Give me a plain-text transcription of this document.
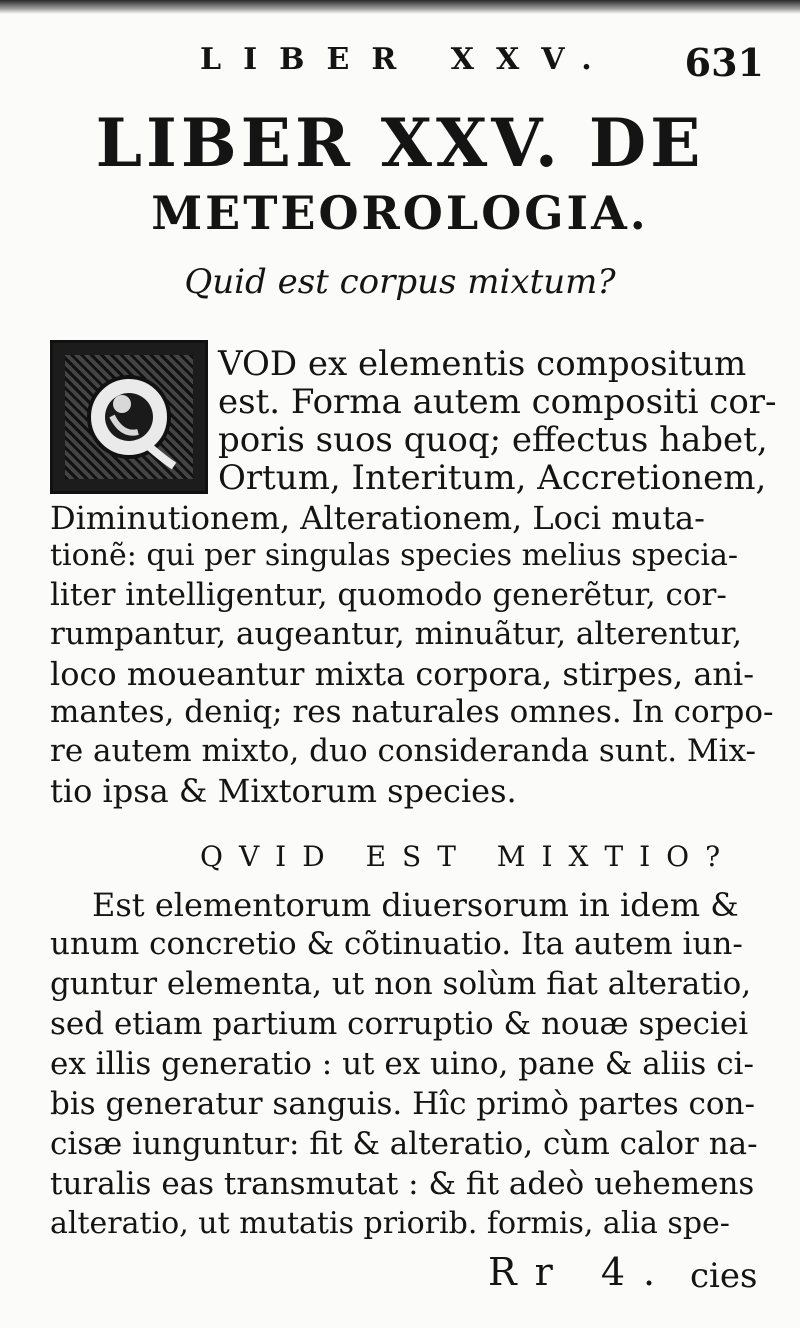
LIBER XXV. 631
LIBER XXV. DE
METEOROLOGIA.
Quid est corpus mixtum?
VOD ex elementis compositum
est. Forma autem compositi cor-
poris suos quoq; effectus habet,
Ortum, Interitum, Accretionem,
Diminutionem, Alterationem, Loci muta-
tionẽ: qui per singulas species melius specia-
liter intelligentur, quomodo generẽtur, cor-
rumpantur, augeantur, minuãtur, alterentur,
loco moueantur mixta corpora, stirpes, ani-
mantes, deniq; res naturales omnes. In corpo-
re autem mixto, duo consideranda sunt. Mix-
tio ipsa & Mixtorum species.
QVID EST MIXTIO?
Est elementorum diuersorum in idem &
unum concretio & cõtinuatio. Ita autem iun-
guntur elementa, ut non solùm fiat alteratio,
sed etiam partium corruptio & nouæ speciei
ex illis generatio : ut ex uino, pane & aliis ci-
bis generatur sanguis. Hîc primò partes con-
cisæ iunguntur: fit & alteratio, cùm calor na-
turalis eas transmutat : & fit adeò uehemens
alteratio, ut mutatis priorib. formis, alia spe-
Rr 4. cies
